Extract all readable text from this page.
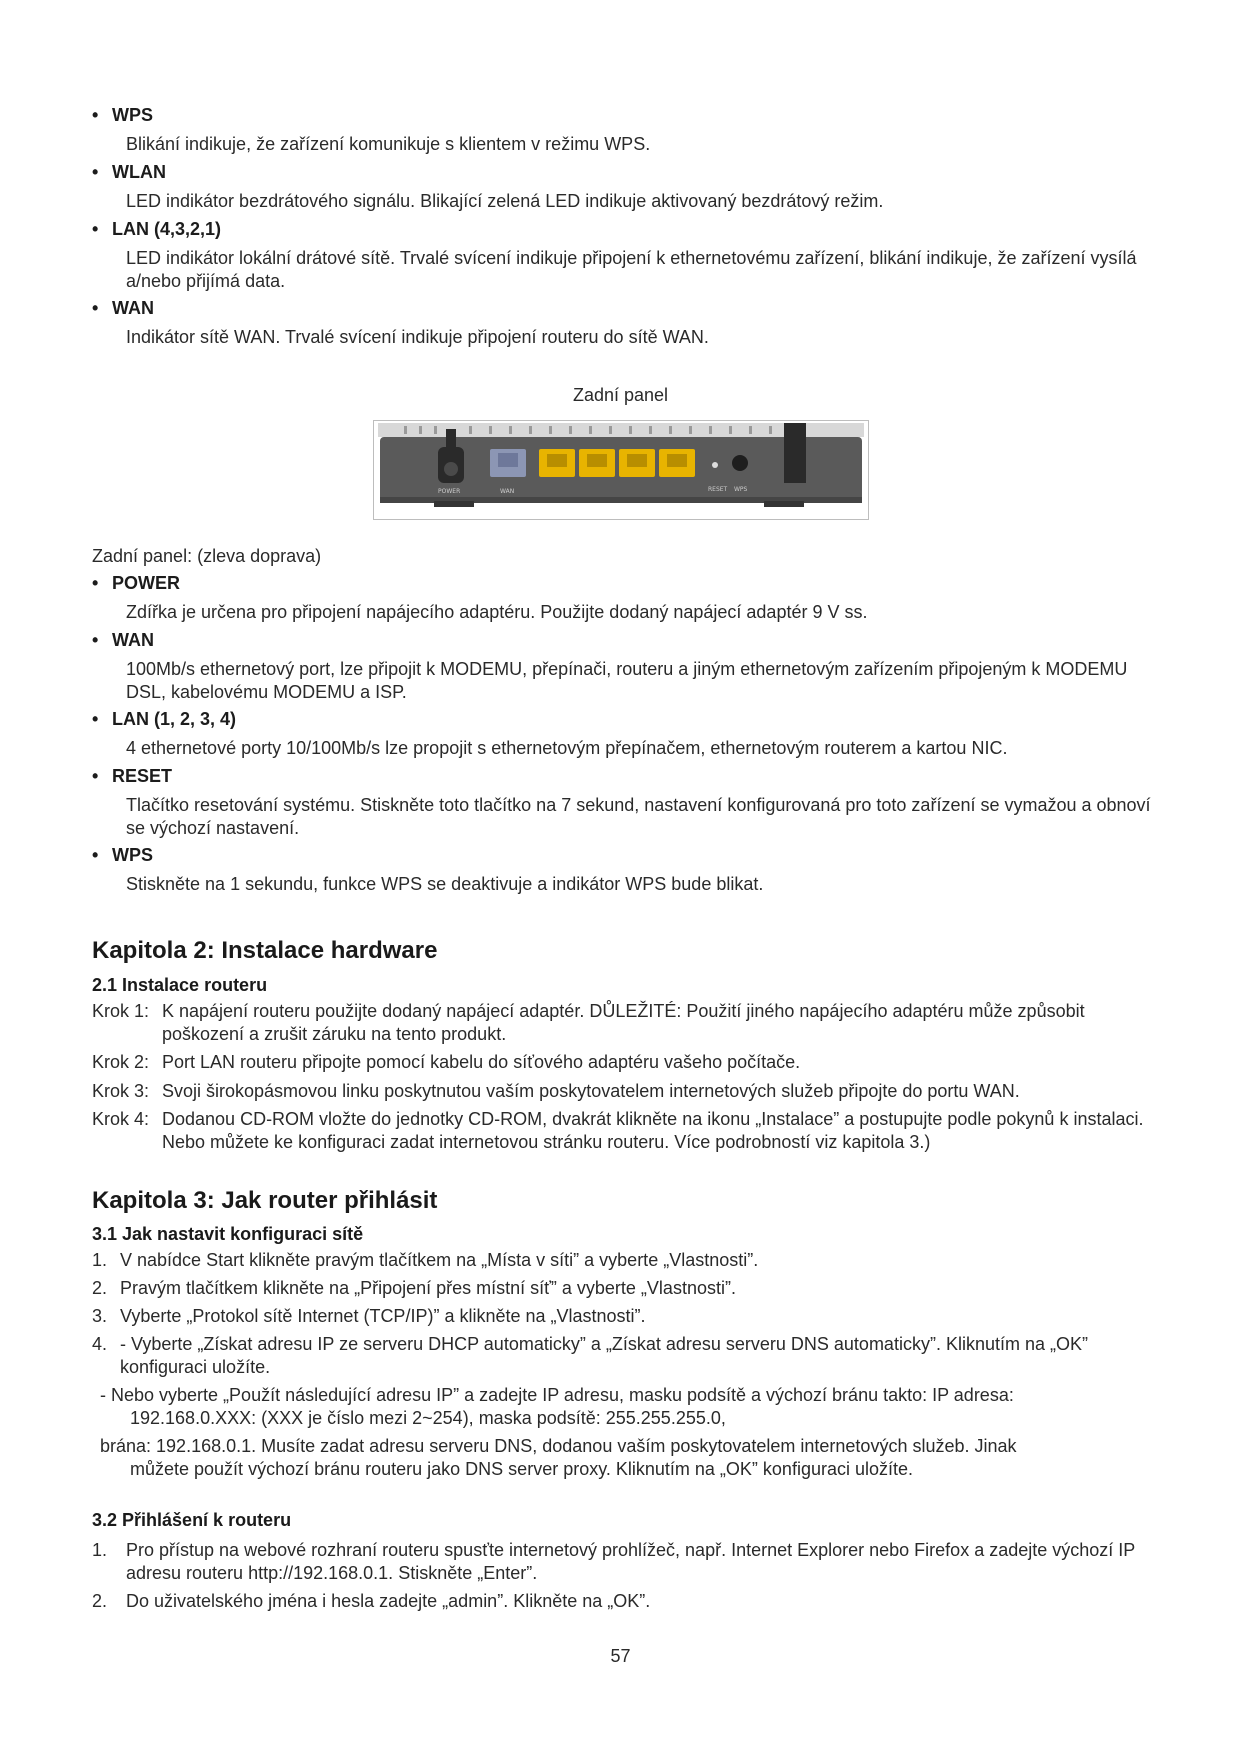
• WPS
Blikání indikuje, že zařízení komunikuje s klientem v režimu WPS.
• WLAN
LED indikátor bezdrátového signálu. Blikající zelená LED indikuje aktivovaný bezdrátový režim.
• LAN (4,3,2,1)
LED indikátor lokální drátové sítě. Trvalé svícení indikuje připojení k ethernetovému zařízení, blikání indikuje, že zařízení vysílá a/nebo přijímá data.
• WAN
Indikátor sítě WAN. Trvalé svícení indikuje připojení routeru do sítě WAN.
Zadní panel
POWER	WAN	RESET WPS
Zadní panel: (zleva doprava)
• POWER
Zdířka je určena pro připojení napájecího adaptéru. Použijte dodaný napájecí adaptér 9 V ss.
• WAN
100Mb/s ethernetový port, lze připojit k MODEMU, přepínači, routeru a jiným ethernetovým zařízením připojeným k MODEMU DSL, kabelovému MODEMU a ISP.
• LAN (1, 2, 3, 4)
4 ethernetové porty 10/100Mb/s lze propojit s ethernetovým přepínačem, ethernetovým routerem a kartou NIC.
• RESET
Tlačítko resetování systému. Stiskněte toto tlačítko na 7 sekund, nastavení konfigurovaná pro toto zařízení se vymažou a obnoví se výchozí nastavení.
• WPS
Stiskněte na 1 sekundu, funkce WPS se deaktivuje a indikátor WPS bude blikat.
Kapitola 2: Instalace hardware
2.1 Instalace routeru
Krok 1: K napájení routeru použijte dodaný napájecí adaptér. DŮLEŽITÉ: Použití jiného napájecího adaptéru může způsobit poškození a zrušit záruku na tento produkt.
Krok 2: Port LAN routeru připojte pomocí kabelu do síťového adaptéru vašeho počítače.
Krok 3: Svoji širokopásmovou linku poskytnutou vaším poskytovatelem internetových služeb připojte do portu WAN.
Krok 4: Dodanou CD-ROM vložte do jednotky CD-ROM, dvakrát klikněte na ikonu „Instalace” a postupujte podle pokynů k instalaci. Nebo můžete ke konfiguraci zadat internetovou stránku routeru. Více podrobností viz kapitola 3.)
Kapitola 3: Jak router přihlásit
3.1 Jak nastavit konfiguraci sítě
1. V nabídce Start klikněte pravým tlačítkem na „Místa v síti” a vyberte „Vlastnosti”.
2. Pravým tlačítkem klikněte na „Připojení přes místní síť” a vyberte „Vlastnosti”.
3. Vyberte „Protokol sítě Internet (TCP/IP)” a klikněte na „Vlastnosti”.
4. - Vyberte „Získat adresu IP ze serveru DHCP automaticky” a „Získat adresu serveru DNS automaticky”. Kliknutím na „OK” konfiguraci uložíte.
- Nebo vyberte „Použít následující adresu IP” a zadejte IP adresu, masku podsítě a výchozí bránu takto: IP adresa:
192.168.0.XXX: (XXX je číslo mezi 2~254), maska podsítě: 255.255.255.0,
brána: 192.168.0.1. Musíte zadat adresu serveru DNS, dodanou vaším poskytovatelem internetových služeb. Jinak
můžete použít výchozí bránu routeru jako DNS server proxy. Kliknutím na „OK” konfiguraci uložíte.
3.2 Přihlášení k routeru
1. Pro přístup na webové rozhraní routeru spusťte internetový prohlížeč, např. Internet Explorer nebo Firefox a zadejte výchozí IP adresu routeru http://192.168.0.1. Stiskněte „Enter”.
2. Do uživatelského jména i hesla zadejte „admin”. Klikněte na „OK”.
57
